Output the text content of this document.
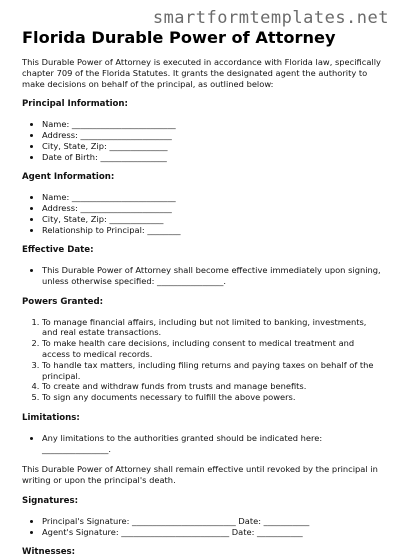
smartformtemplates.net
Florida Durable Power of Attorney

This Durable Power of Attorney is executed in accordance with Florida law, specifically chapter 709 of the Florida Statutes. It grants the designated agent the authority to make decisions on behalf of the principal, as outlined below:

Principal Information:

• Name: _________________________
• Address: ______________________
• City, State, Zip: ______________
• Date of Birth: ________________

Agent Information:

• Name: _________________________
• Address: ______________________
• City, State, Zip: _____________
• Relationship to Principal: ________

Effective Date:

• This Durable Power of Attorney shall become effective immediately upon signing, unless otherwise specified: ________________.

Powers Granted:

1. To manage financial affairs, including but not limited to banking, investments, and real estate transactions.
2. To make health care decisions, including consent to medical treatment and access to medical records.
3. To handle tax matters, including filing returns and paying taxes on behalf of the principal.
4. To create and withdraw funds from trusts and manage benefits.
5. To sign any documents necessary to fulfill the above powers.

Limitations:

• Any limitations to the authorities granted should be indicated here: ________________.

This Durable Power of Attorney shall remain effective until revoked by the principal in writing or upon the principal's death.

Signatures:

• Principal's Signature: _________________________ Date: ___________
• Agent's Signature: __________________________ Date: ___________

Witnesses:
